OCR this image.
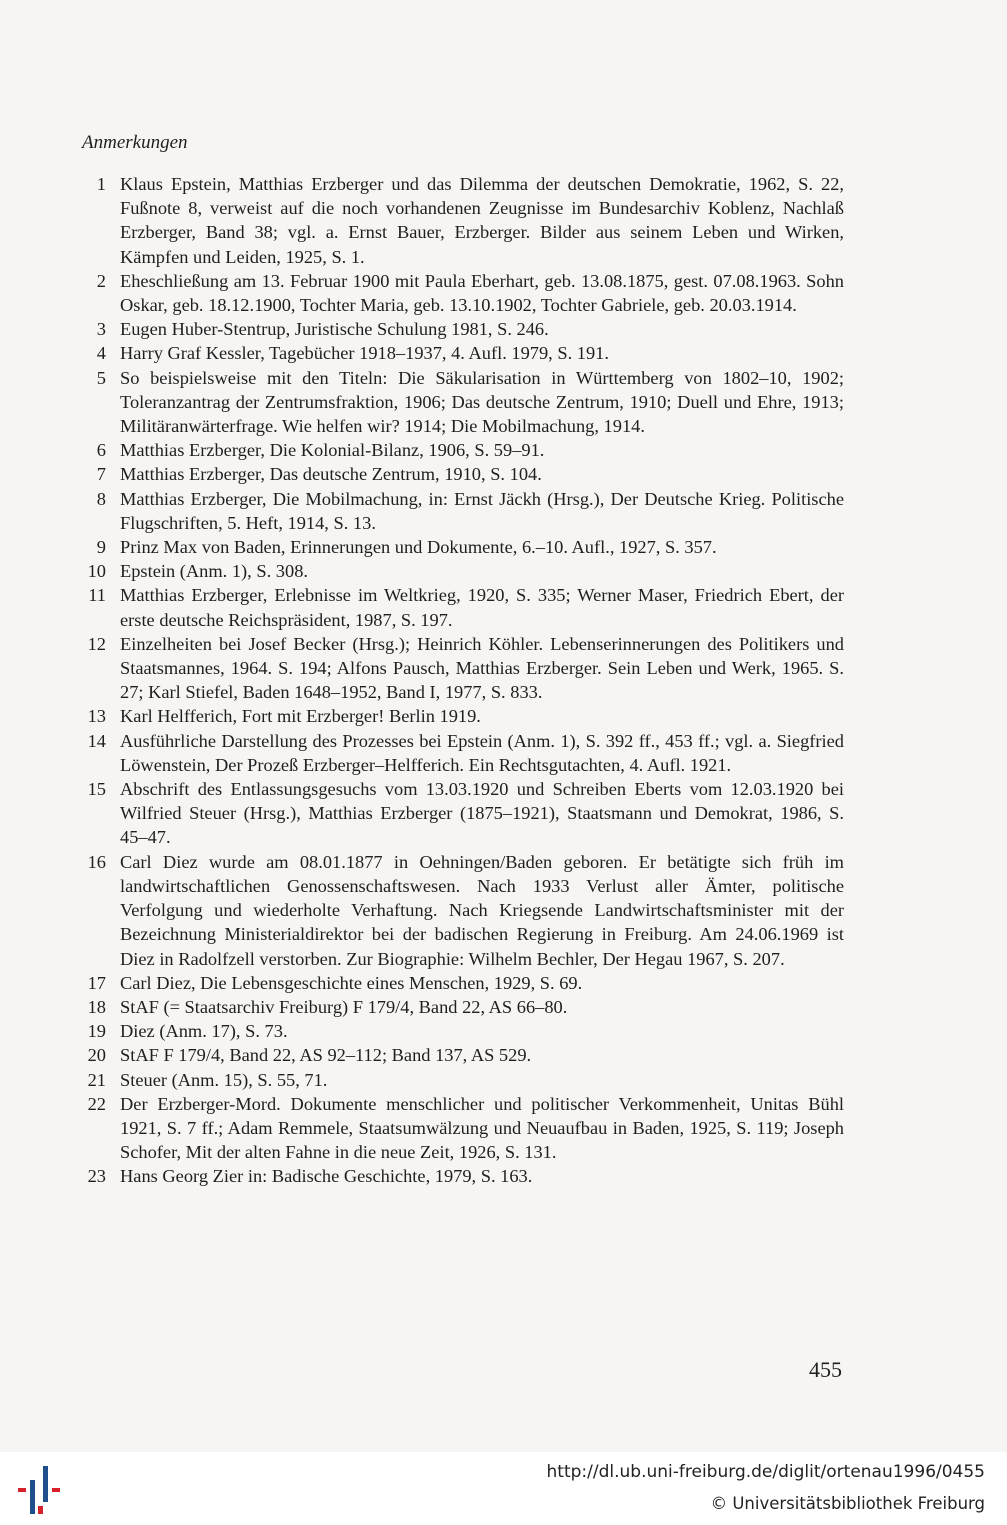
Anmerkungen
1 Klaus Epstein, Matthias Erzberger und das Dilemma der deutschen Demokratie, 1962, S. 22, Fußnote 8, verweist auf die noch vorhandenen Zeugnisse im Bundesarchiv Koblenz, Nachlaß Erzberger, Band 38; vgl. a. Ernst Bauer, Erzberger. Bilder aus seinem Leben und Wirken, Kämpfen und Leiden, 1925, S. 1.
2 Eheschließung am 13. Februar 1900 mit Paula Eberhart, geb. 13.08.1875, gest. 07.08.1963. Sohn Oskar, geb. 18.12.1900, Tochter Maria, geb. 13.10.1902, Tochter Gabriele, geb. 20.03.1914.
3 Eugen Huber-Stentrup, Juristische Schulung 1981, S. 246.
4 Harry Graf Kessler, Tagebücher 1918–1937, 4. Aufl. 1979, S. 191.
5 So beispielsweise mit den Titeln: Die Säkularisation in Württemberg von 1802–10, 1902; Toleranzantrag der Zentrumsfraktion, 1906; Das deutsche Zentrum, 1910; Duell und Ehre, 1913; Militäranwärterfrage. Wie helfen wir? 1914; Die Mobilmachung, 1914.
6 Matthias Erzberger, Die Kolonial-Bilanz, 1906, S. 59–91.
7 Matthias Erzberger, Das deutsche Zentrum, 1910, S. 104.
8 Matthias Erzberger, Die Mobilmachung, in: Ernst Jäckh (Hrsg.), Der Deutsche Krieg. Politische Flugschriften, 5. Heft, 1914, S. 13.
9 Prinz Max von Baden, Erinnerungen und Dokumente, 6.–10. Aufl., 1927, S. 357.
10 Epstein (Anm. 1), S. 308.
11 Matthias Erzberger, Erlebnisse im Weltkrieg, 1920, S. 335; Werner Maser, Friedrich Ebert, der erste deutsche Reichspräsident, 1987, S. 197.
12 Einzelheiten bei Josef Becker (Hrsg.); Heinrich Köhler. Lebenserinnerungen des Politikers und Staatsmannes, 1964. S. 194; Alfons Pausch, Matthias Erzberger. Sein Leben und Werk, 1965. S. 27; Karl Stiefel, Baden 1648–1952, Band I, 1977, S. 833.
13 Karl Helfferich, Fort mit Erzberger! Berlin 1919.
14 Ausführliche Darstellung des Prozesses bei Epstein (Anm. 1), S. 392 ff., 453 ff.; vgl. a. Siegfried Löwenstein, Der Prozeß Erzberger–Helfferich. Ein Rechtsgutachten, 4. Aufl. 1921.
15 Abschrift des Entlassungsgesuchs vom 13.03.1920 und Schreiben Eberts vom 12.03.1920 bei Wilfried Steuer (Hrsg.), Matthias Erzberger (1875–1921), Staatsmann und Demokrat, 1986, S. 45–47.
16 Carl Diez wurde am 08.01.1877 in Oehningen/Baden geboren. Er betätigte sich früh im landwirtschaftlichen Genossenschaftswesen. Nach 1933 Verlust aller Ämter, politische Verfolgung und wiederholte Verhaftung. Nach Kriegsende Landwirtschaftsminister mit der Bezeichnung Ministerialdirektor bei der badischen Regierung in Freiburg. Am 24.06.1969 ist Diez in Radolfzell verstorben. Zur Biographie: Wilhelm Bechler, Der Hegau 1967, S. 207.
17 Carl Diez, Die Lebensgeschichte eines Menschen, 1929, S. 69.
18 StAF (= Staatsarchiv Freiburg) F 179/4, Band 22, AS 66–80.
19 Diez (Anm. 17), S. 73.
20 StAF F 179/4, Band 22, AS 92–112; Band 137, AS 529.
21 Steuer (Anm. 15), S. 55, 71.
22 Der Erzberger-Mord. Dokumente menschlicher und politischer Verkommenheit, Unitas Bühl 1921, S. 7 ff.; Adam Remmele, Staatsumwälzung und Neuaufbau in Baden, 1925, S. 119; Joseph Schofer, Mit der alten Fahne in die neue Zeit, 1926, S. 131.
23 Hans Georg Zier in: Badische Geschichte, 1979, S. 163.
455
http://dl.ub.uni-freiburg.de/diglit/ortenau1996/0455
© Universitätsbibliothek Freiburg
